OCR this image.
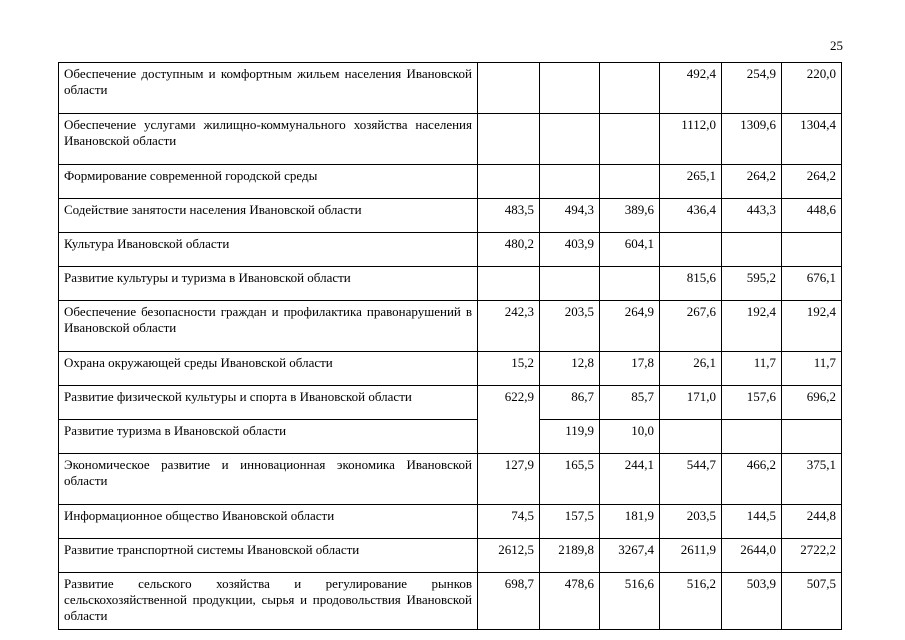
25
Обеспечение доступным и комфортным жильем населения Ивановской области				492,4	254,9	220,0
Обеспечение услугами жилищно-коммунального хозяйства населения Ивановской области				1112,0	1309,6	1304,4
Формирование современной городской среды				265,1	264,2	264,2
Содействие занятости населения Ивановской области	483,5	494,3	389,6	436,4	443,3	448,6
Культура Ивановской области	480,2	403,9	604,1			
Развитие культуры и туризма в Ивановской области				815,6	595,2	676,1
Обеспечение безопасности граждан и профилактика правонарушений в Ивановской области	242,3	203,5	264,9	267,6	192,4	192,4
Охрана окружающей среды Ивановской области	15,2	12,8	17,8	26,1	11,7	11,7
Развитие физической культуры и спорта в Ивановской области	622,9	86,7	85,7	171,0	157,6	696,2
Развитие туризма в Ивановской области		119,9	10,0			
Экономическое развитие и инновационная экономика Ивановской области	127,9	165,5	244,1	544,7	466,2	375,1
Информационное общество Ивановской области	74,5	157,5	181,9	203,5	144,5	244,8
Развитие транспортной системы Ивановской области	2612,5	2189,8	3267,4	2611,9	2644,0	2722,2
Развитие сельского хозяйства и регулирование рынков сельскохозяйственной продукции, сырья и продовольствия Ивановской области	698,7	478,6	516,6	516,2	503,9	507,5
